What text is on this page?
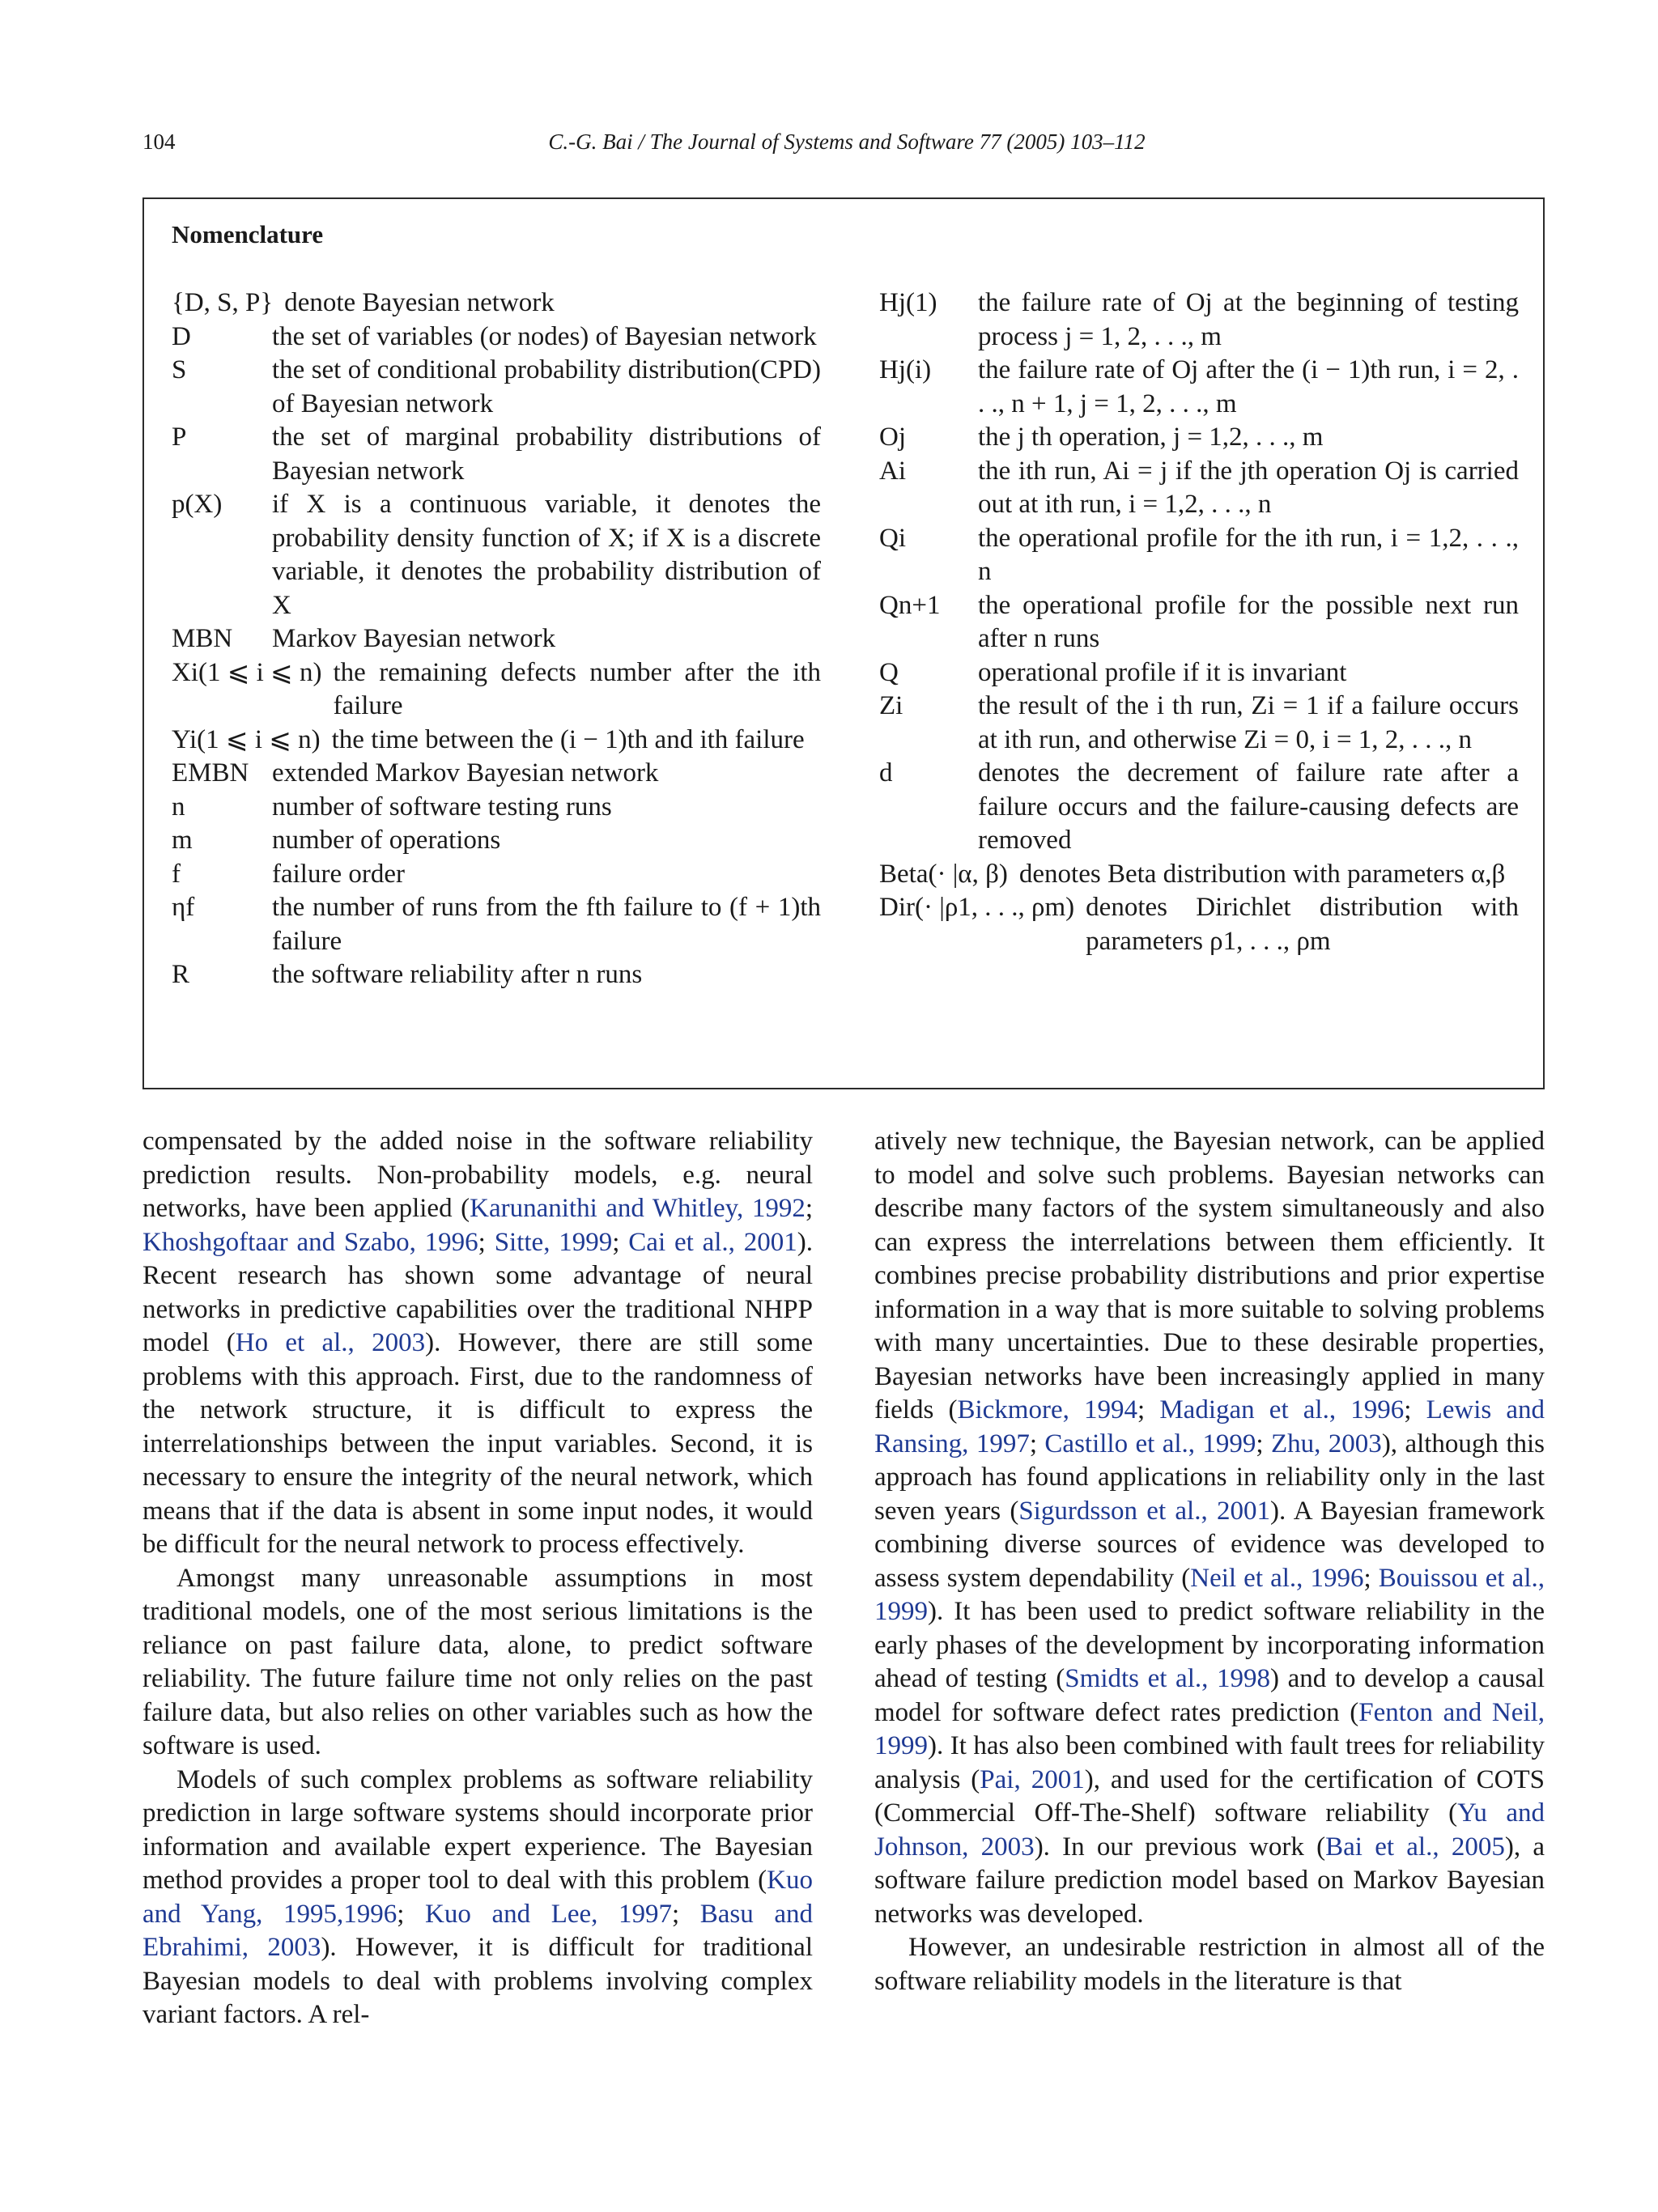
104	C.-G. Bai / The Journal of Systems and Software 77 (2005) 103–112
Nomenclature
{D, S, P} denote Bayesian network
D	the set of variables (or nodes) of Bayesian network
S	the set of conditional probability distribution(CPD) of Bayesian network
P	the set of marginal probability distributions of Bayesian network
p(X)	if X is a continuous variable, it denotes the probability density function of X; if X is a discrete variable, it denotes the probability distribution of X
MBN	Markov Bayesian network
Xi(1 ⩽ i ⩽ n) the remaining defects number after the ith failure
Yi(1 ⩽ i ⩽ n) the time between the (i − 1)th and ith failure
EMBN extended Markov Bayesian network
n	number of software testing runs
m	number of operations
f	failure order
ηf	the number of runs from the fth failure to (f + 1)th failure
R	the software reliability after n runs
Hj(1)	the failure rate of Oj at the beginning of testing process j = 1, 2, . . ., m
Hj(i)	the failure rate of Oj after the (i − 1)th run, i = 2, . . ., n + 1, j = 1, 2, . . ., m
Oj	the j th operation, j = 1,2, . . ., m
Ai	the ith run, Ai = j if the jth operation Oj is carried out at ith run, i = 1,2, . . ., n
Qi	the operational profile for the ith run, i = 1,2, . . ., n
Qn+1	the operational profile for the possible next run after n runs
Q	operational profile if it is invariant
Zi	the result of the i th run, Zi = 1 if a failure occurs at ith run, and otherwise Zi = 0, i = 1, 2, . . ., n
d	denotes the decrement of failure rate after a failure occurs and the failure-causing defects are removed
Beta(· |α, β) denotes Beta distribution with parameters α,β
Dir(· |ρ1, . . ., ρm) denotes Dirichlet distribution with parameters ρ1, . . ., ρm

compensated by the added noise in the software reliability prediction results. Non-probability models, e.g. neural networks, have been applied (Karunanithi and Whitley, 1992; Khoshgoftaar and Szabo, 1996; Sitte, 1999; Cai et al., 2001). Recent research has shown some advantage of neural networks in predictive capabilities over the traditional NHPP model (Ho et al., 2003). However, there are still some problems with this approach. First, due to the randomness of the network structure, it is difficult to express the interrelationships between the input variables. Second, it is necessary to ensure the integrity of the neural network, which means that if the data is absent in some input nodes, it would be difficult for the neural network to process effectively.

Amongst many unreasonable assumptions in most traditional models, one of the most serious limitations is the reliance on past failure data, alone, to predict software reliability. The future failure time not only relies on the past failure data, but also relies on other variables such as how the software is used.

Models of such complex problems as software reliability prediction in large software systems should incorporate prior information and available expert experience. The Bayesian method provides a proper tool to deal with this problem (Kuo and Yang, 1995,1996; Kuo and Lee, 1997; Basu and Ebrahimi, 2003). However, it is difficult for traditional Bayesian models to deal with problems involving complex variant factors. A rel-

atively new technique, the Bayesian network, can be applied to model and solve such problems. Bayesian networks can describe many factors of the system simultaneously and also can express the interrelations between them efficiently. It combines precise probability distributions and prior expertise information in a way that is more suitable to solving problems with many uncertainties. Due to these desirable properties, Bayesian networks have been increasingly applied in many fields (Bickmore, 1994; Madigan et al., 1996; Lewis and Ransing, 1997; Castillo et al., 1999; Zhu, 2003), although this approach has found applications in reliability only in the last seven years (Sigurdsson et al., 2001). A Bayesian framework combining diverse sources of evidence was developed to assess system dependability (Neil et al., 1996; Bouissou et al., 1999). It has been used to predict software reliability in the early phases of the development by incorporating information ahead of testing (Smidts et al., 1998) and to develop a causal model for software defect rates prediction (Fenton and Neil, 1999). It has also been combined with fault trees for reliability analysis (Pai, 2001), and used for the certification of COTS (Commercial Off-The-Shelf) software reliability (Yu and Johnson, 2003). In our previous work (Bai et al., 2005), a software failure prediction model based on Markov Bayesian networks was developed.

However, an undesirable restriction in almost all of the software reliability models in the literature is that
